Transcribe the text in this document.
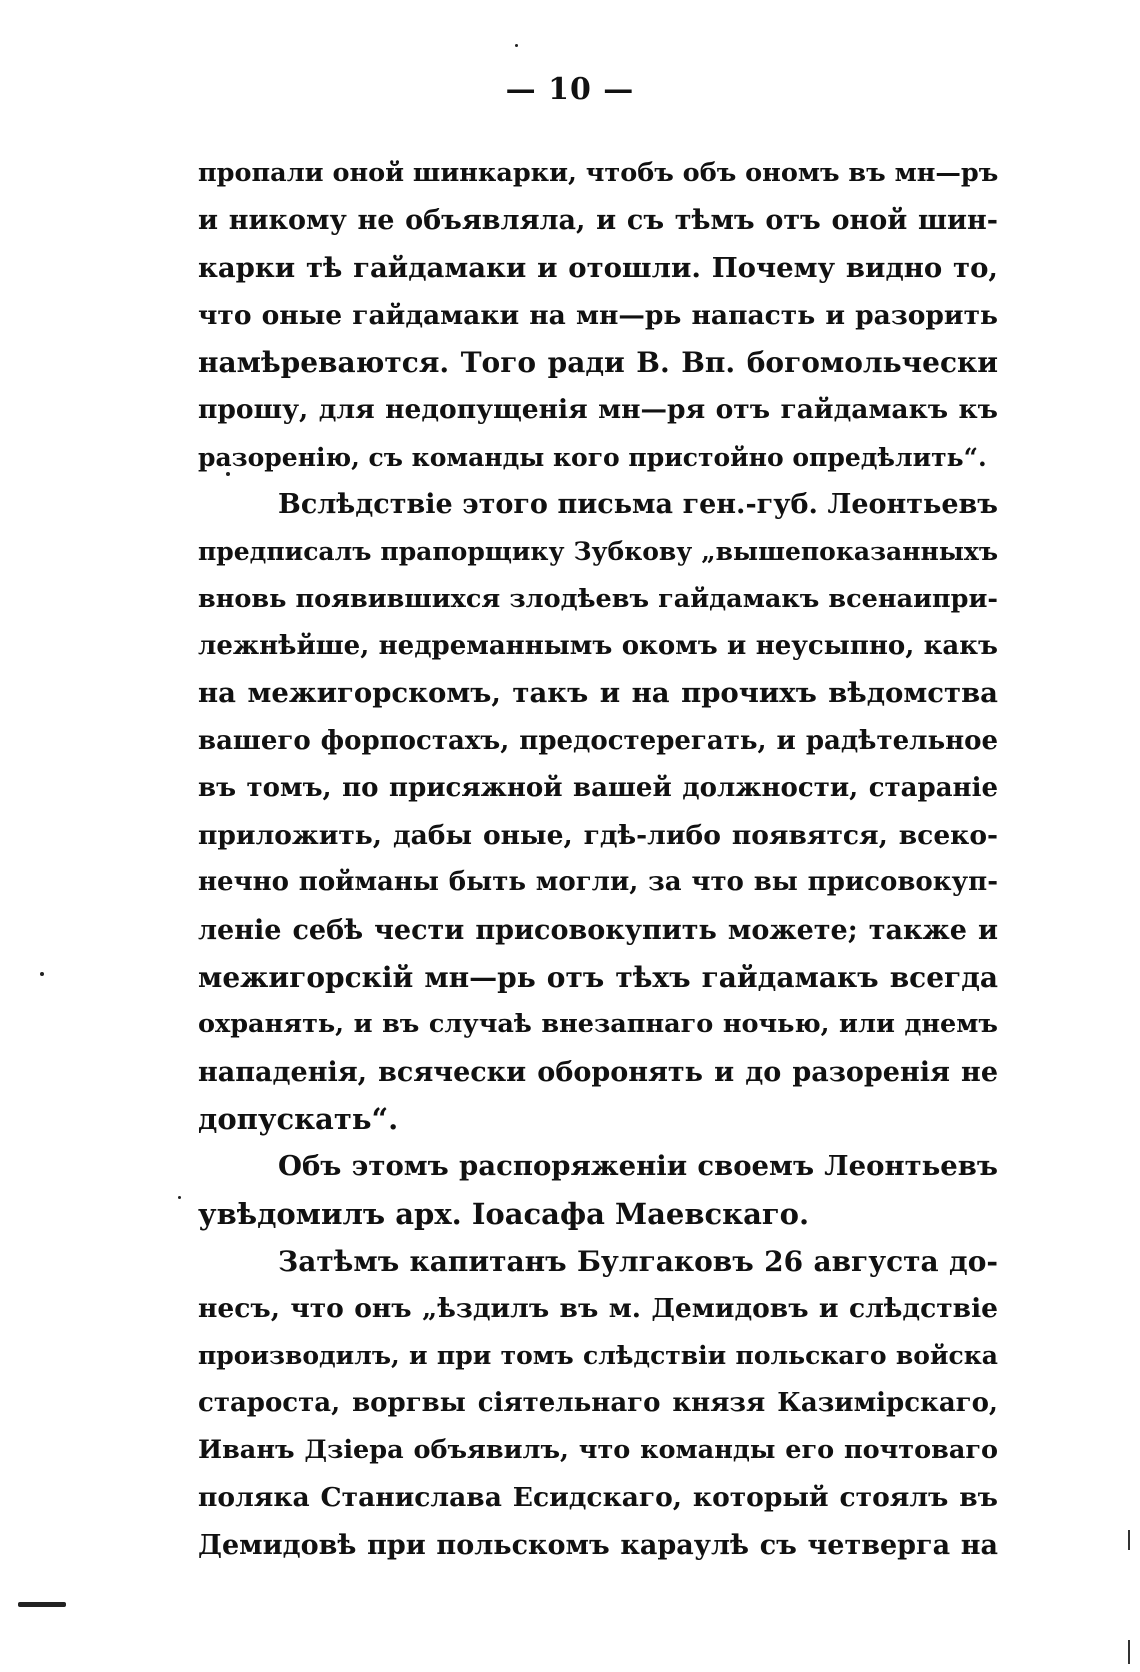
— 10 —
пропали оной шинкарки, чтобъ объ ономъ въ мн—ръ
и никому не объявляла, и съ тѣмъ отъ оной шин-
карки тѣ гайдамаки и отошли. Почему видно то,
что оные гайдамаки на мн—рь напасть и разорить
намѣреваются. Того ради В. Вп. богомольчески
прошу, для недопущенія мн—ря отъ гайдамакъ къ
разоренію, съ команды кого пристойно опредѣлить“.
Вслѣдствіе этого письма ген.-губ. Леонтьевъ
предписалъ прапорщику Зубкову „вышепоказанныхъ
вновь появившихся злодѣевъ гайдамакъ всенаипри-
лежнѣйше, недреманнымъ окомъ и неусыпно, какъ
на межигорскомъ, такъ и на прочихъ вѣдомства
вашего форпостахъ, предостерегать, и радѣтельное
въ томъ, по присяжной вашей должности, стараніе
приложить, дабы оные, гдѣ-либо появятся, всеко-
нечно пойманы быть могли, за что вы присовокуп-
леніе себѣ чести присовокупить можете; также и
межигорскій мн—рь отъ тѣхъ гайдамакъ всегда
охранять, и въ случаѣ внезапнаго ночью, или днемъ
нападенія, всячески оборонять и до разоренія не
допускать“.
Объ этомъ распоряженіи своемъ Леонтьевъ
увѣдомилъ арх. Іоасафа Маевскаго.
Затѣмъ капитанъ Булгаковъ 26 августа до-
несъ, что онъ „ѣздилъ въ м. Демидовъ и слѣдствіе
производилъ, и при томъ слѣдствіи польскаго войска
староста, воргвы сіятельнаго князя Казимірскаго,
Иванъ Дзіера объявилъ, что команды его почтоваго
поляка Станислава Есидскаго, который стоялъ въ
Демидовѣ при польскомъ караулѣ съ четверга на
